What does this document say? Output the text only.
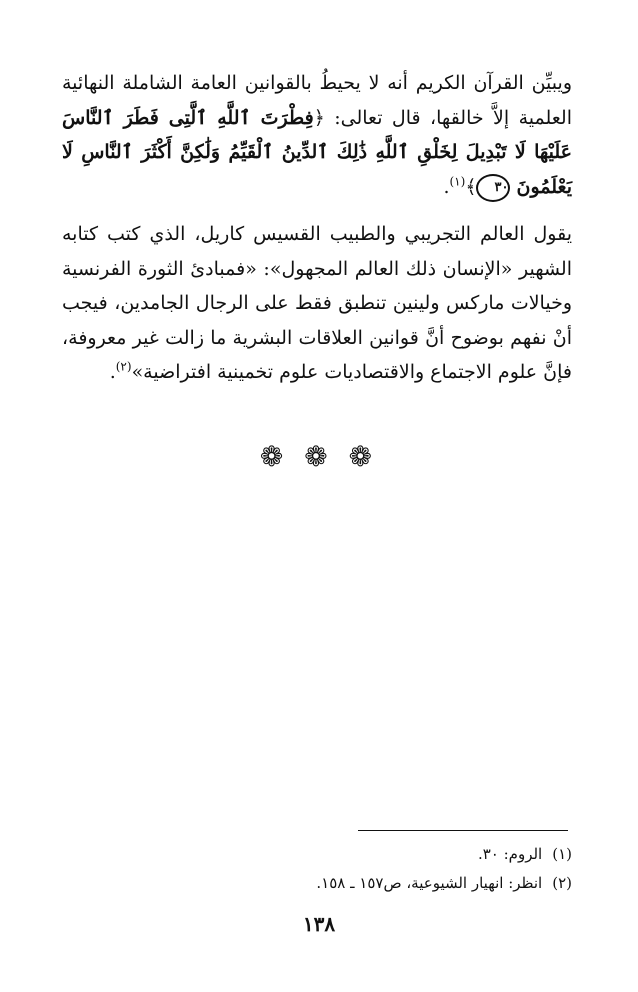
ويبيِّن القرآن الكريم أنه لا يحيطُ بالقوانين العامة الشاملة النهائية العلمية إلاَّ خالقها، قال تعالى: ﴿فِطْرَتَ ٱللَّهِ ٱلَّتِى فَطَرَ ٱلنَّاسَ عَلَيْهَا لَا تَبْدِيلَ لِخَلْقِ ٱللَّهِ ذَٰلِكَ ٱلدِّينُ ٱلْقَيِّمُ وَلَٰكِنَّ أَكْثَرَ ٱلنَّاسِ لَا يَعْلَمُونَ ٣٠﴾$^{(١)}$.

يقول العالم التجريبي والطبيب القسيس كاريل، الذي كتب كتابه الشهير «الإنسان ذلك العالم المجهول»: «فمبادئ الثورة الفرنسية وخيالات ماركس ولينين تنطبق فقط على الرجال الجامدين، فيجب أنْ نفهم بوضوح أنَّ قوانين العلاقات البشرية ما زالت غير معروفة، فإنَّ علوم الاجتماع والاقتصاديات علوم تخمينية افتراضية»$^{(٢)}$.

❁ ❁ ❁
(١)الروم: ٣٠.
(٢)انظر: انهيار الشيوعية، ص١٥٧ ـ ١٥٨.
١٣٨
